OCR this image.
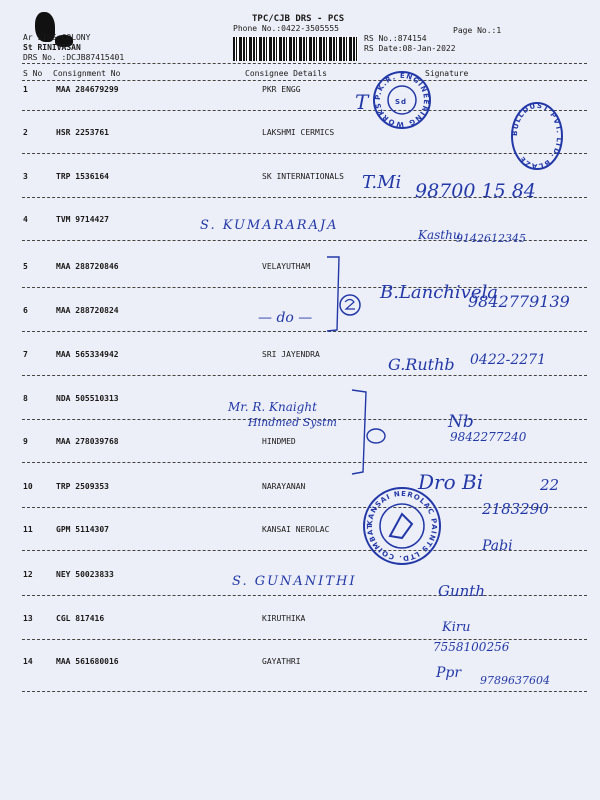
TPC/CJB DRS - PCS
Phone No.:0422-3505555	Page No.:1
RS No.:874154
RS Date:08-Jan-2022
Ar SIHS COLONY
St RINIVASAN
DRS No. :DCJB87415401
S No Consignment No	Consignee Details	Signature
1	MAA 284679299	PKR ENGG
2	HSR 2253761	LAKSHMI CERMICS
3	TRP 1536164	SK INTERNATIONALS
4	TVM 9714427
5	MAA 288720846	VELAYUTHAM
6	MAA 288720824
7	MAA 565334942	SRI JAYENDRA
8	NDA 505510313
9	MAA 278039768	HINDMED
10	TRP 2509353	NARAYANAN
11	GPM 5114307	KANSAI NEROLAC
12	NEY 50023833
13	CGL 817416	KIRUTHIKA
14	MAA 561680016	GAYATHRI
P.K.R. ENGINEERING WORKS	Sd
BULLDUST PVT. LTD. BLAZE
KANSAI NEROLAC PAINTS LTD. COIMBATORE
T
T.Mi 98700 15 84
S. KUMARARAJA
Kasthu
9142612345
— do —
B.Lanchivela
9842779139
G.Ruthb 0422-2271
Mr. R. Knaight
Hindmed Systm	Nb
9842277240
Dro Bi
2183290
22
Pabi
S. GUNANITHI
Gunth
Kiru
7558100256
Ppr 9789637604
